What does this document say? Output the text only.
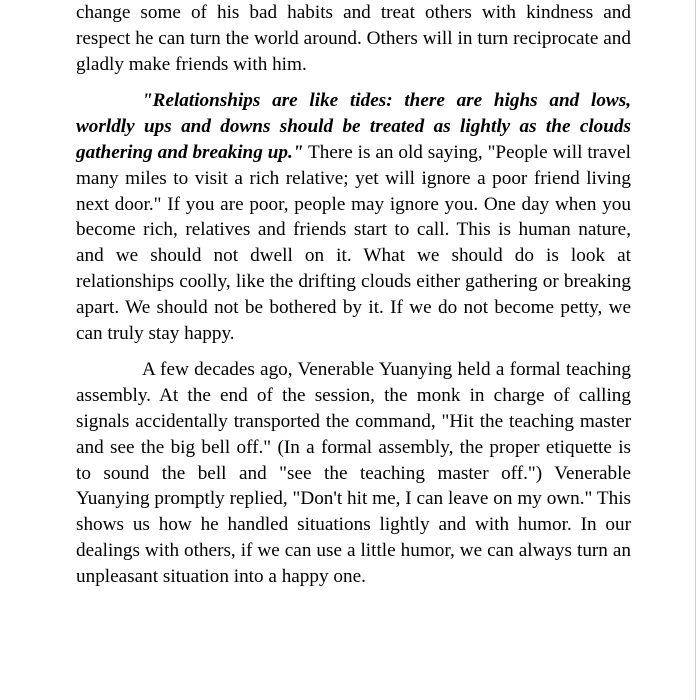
change some of his bad habits and treat others with kindness and respect he can turn the world around. Others will in turn reciprocate and gladly make friends with him.

"Relationships are like tides: there are highs and lows, worldly ups and downs should be treated as lightly as the clouds gathering and breaking up." There is an old saying, "People will travel many miles to visit a rich relative; yet will ignore a poor friend living next door." If you are poor, people may ignore you. One day when you become rich, relatives and friends start to call. This is human nature, and we should not dwell on it. What we should do is look at relationships coolly, like the drifting clouds either gathering or breaking apart. We should not be bothered by it. If we do not become petty, we can truly stay happy.

A few decades ago, Venerable Yuanying held a formal teaching assembly. At the end of the session, the monk in charge of calling signals accidentally transported the command, "Hit the teaching master and see the big bell off." (In a formal assembly, the proper etiquette is to sound the bell and "see the teaching master off.") Venerable Yuanying promptly replied, "Don't hit me, I can leave on my own." This shows us how he handled situations lightly and with humor. In our dealings with others, if we can use a little humor, we can always turn an unpleasant situation into a happy one.
